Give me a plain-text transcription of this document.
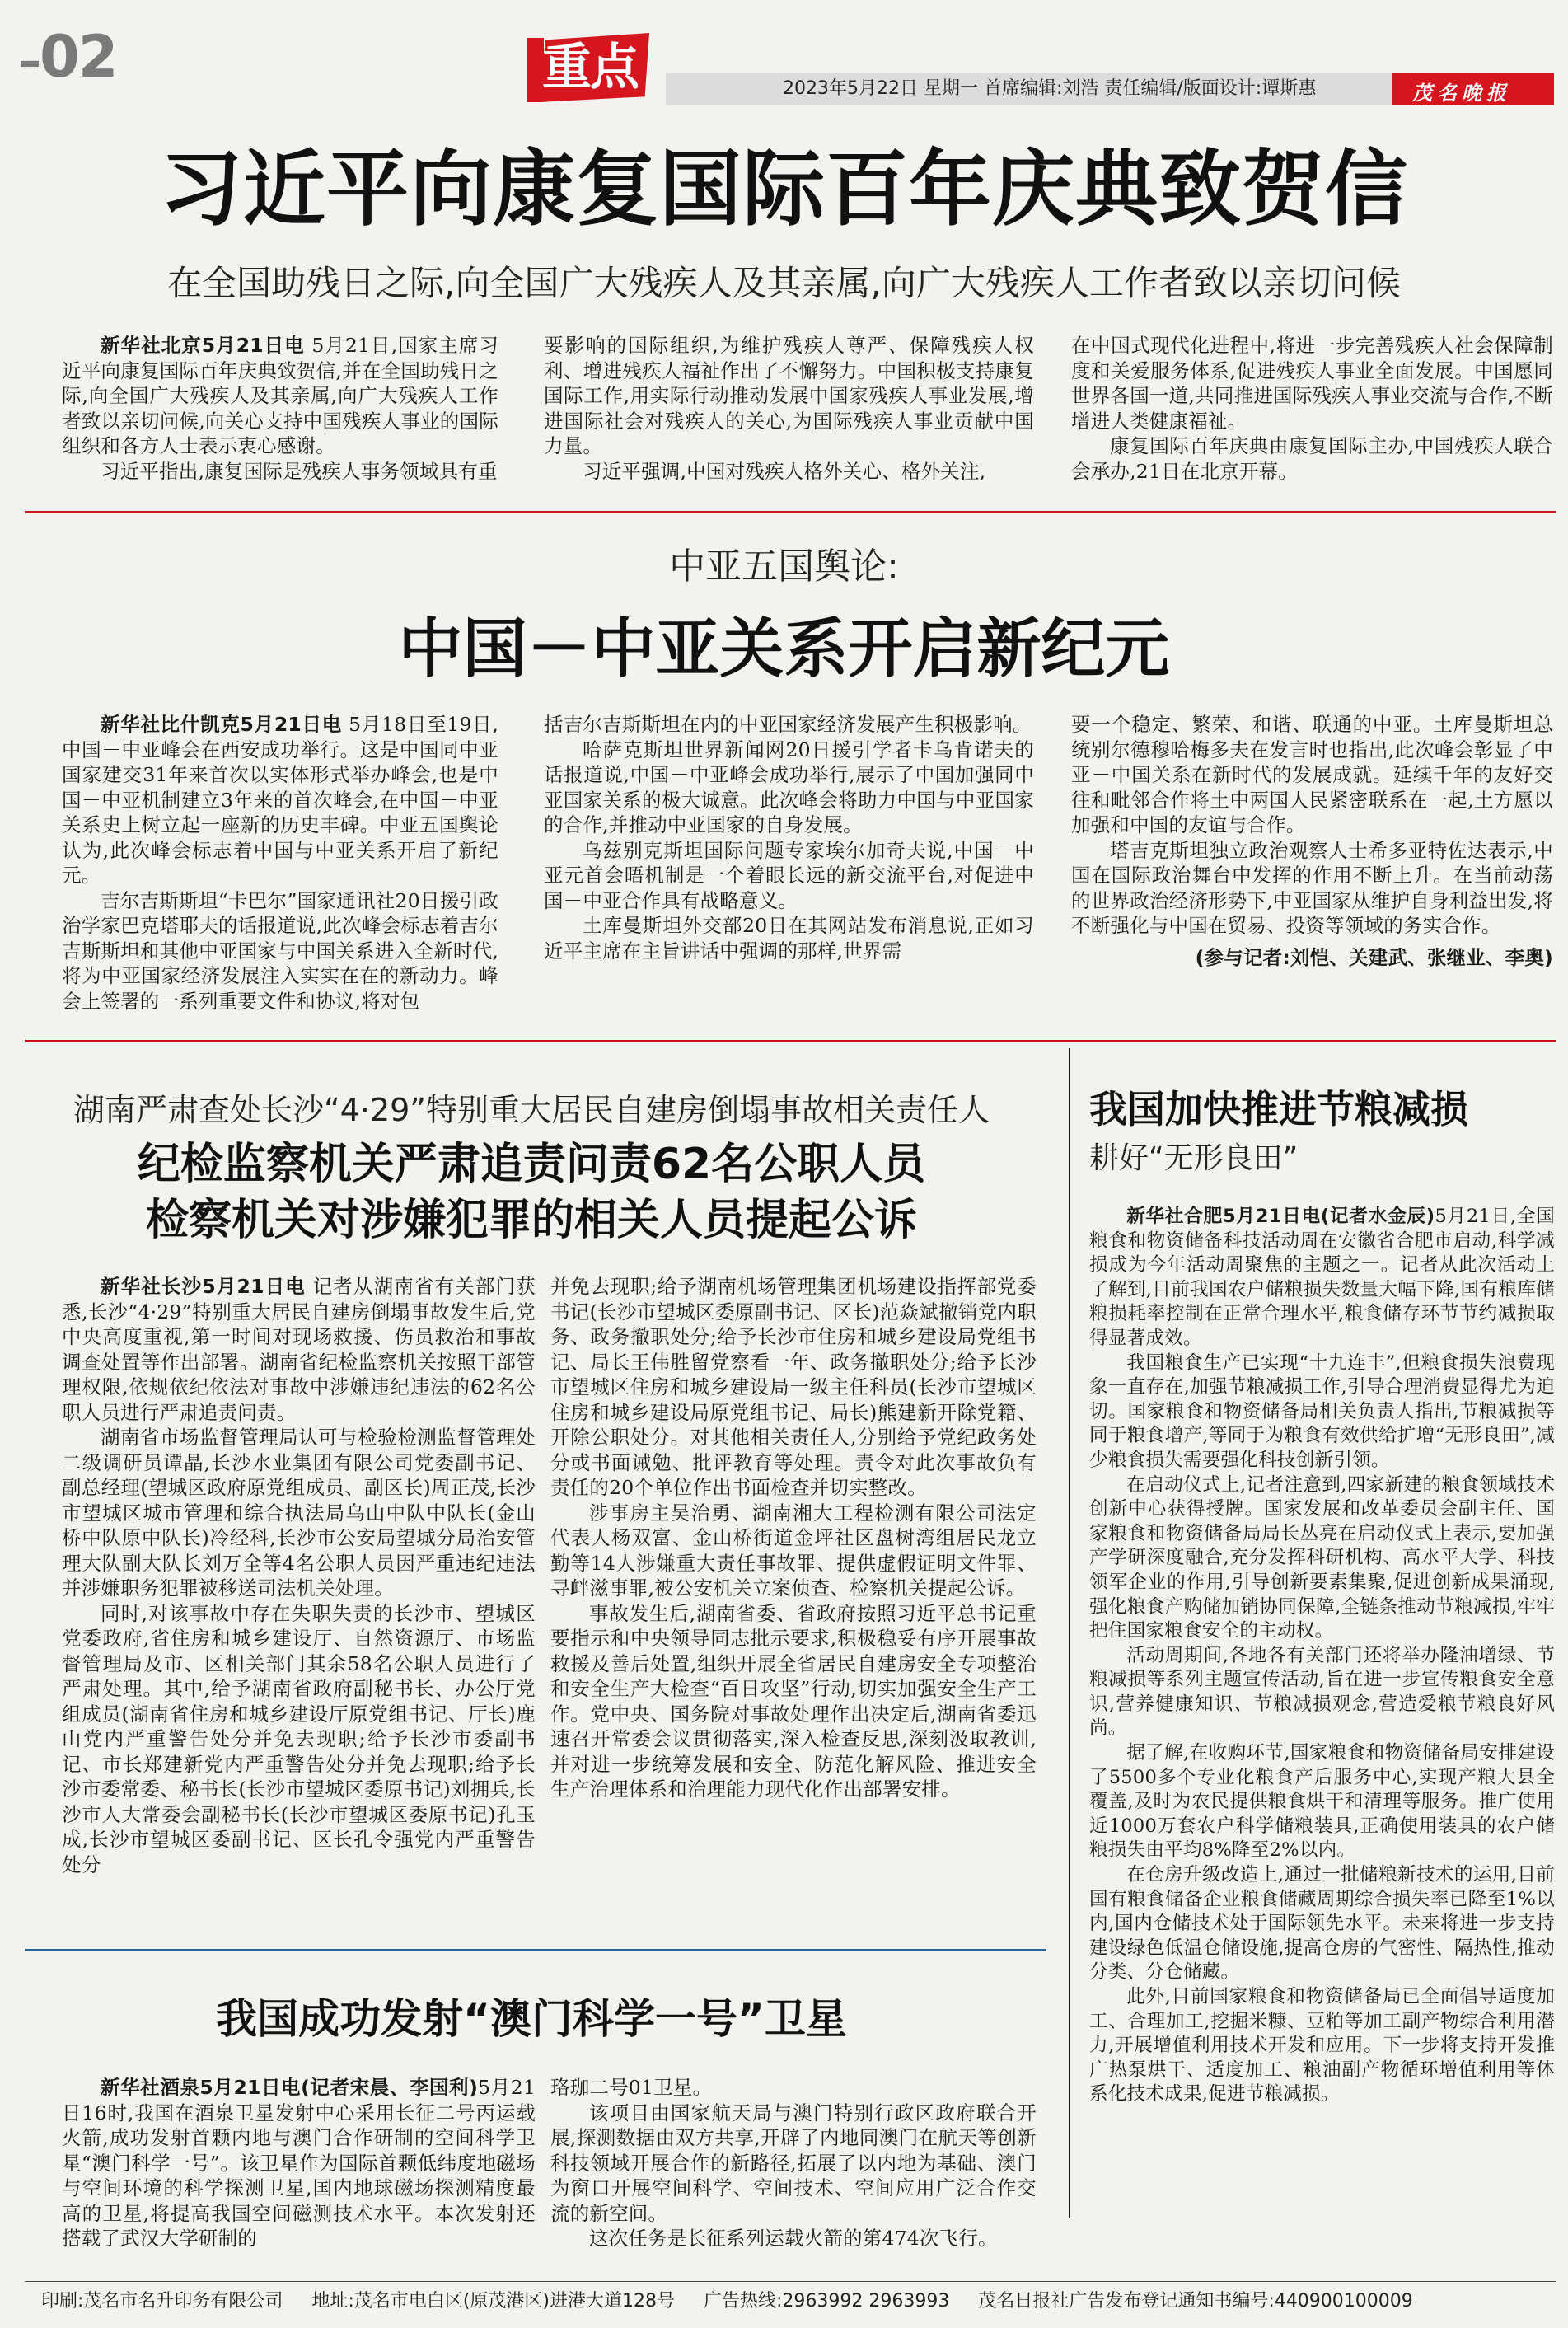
–02	重点	2023年5月22日 星期一 首席编辑:刘浩 责任编辑/版面设计:谭斯惠	茂名晚报
习近平向康复国际百年庆典致贺信
在全国助残日之际,向全国广大残疾人及其亲属,向广大残疾人工作者致以亲切问候

新华社北京5月21日电 5月21日,国家主席习近平向康复国际百年庆典致贺信,并在全国助残日之际,向全国广大残疾人及其亲属,向广大残疾人工作者致以亲切问候,向关心支持中国残疾人事业的国际组织和各方人士表示衷心感谢。

习近平指出,康复国际是残疾人事务领域具有重

要影响的国际组织,为维护残疾人尊严、保障残疾人权利、增进残疾人福祉作出了不懈努力。中国积极支持康复国际工作,用实际行动推动发展中国家残疾人事业发展,增进国际社会对残疾人的关心,为国际残疾人事业贡献中国力量。

习近平强调,中国对残疾人格外关心、格外关注,

在中国式现代化进程中,将进一步完善残疾人社会保障制度和关爱服务体系,促进残疾人事业全面发展。中国愿同世界各国一道,共同推进国际残疾人事业交流与合作,不断增进人类健康福祉。

康复国际百年庆典由康复国际主办,中国残疾人联合会承办,21日在北京开幕。

中亚五国舆论:
中国－中亚关系开启新纪元

新华社比什凯克5月21日电 5月18日至19日,中国－中亚峰会在西安成功举行。这是中国同中亚国家建交31年来首次以实体形式举办峰会,也是中国－中亚机制建立3年来的首次峰会,在中国－中亚关系史上树立起一座新的历史丰碑。中亚五国舆论认为,此次峰会标志着中国与中亚关系开启了新纪元。

吉尔吉斯斯坦“卡巴尔”国家通讯社20日援引政治学家巴克塔耶夫的话报道说,此次峰会标志着吉尔吉斯斯坦和其他中亚国家与中国关系进入全新时代,将为中亚国家经济发展注入实实在在的新动力。峰会上签署的一系列重要文件和协议,将对包

括吉尔吉斯斯坦在内的中亚国家经济发展产生积极影响。

哈萨克斯坦世界新闻网20日援引学者卡乌肯诺夫的话报道说,中国－中亚峰会成功举行,展示了中国加强同中亚国家关系的极大诚意。此次峰会将助力中国与中亚国家的合作,并推动中亚国家的自身发展。

乌兹别克斯坦国际问题专家埃尔加奇夫说,中国－中亚元首会晤机制是一个着眼长远的新交流平台,对促进中国－中亚合作具有战略意义。

土库曼斯坦外交部20日在其网站发布消息说,正如习近平主席在主旨讲话中强调的那样,世界需

要一个稳定、繁荣、和谐、联通的中亚。土库曼斯坦总统别尔德穆哈梅多夫在发言时也指出,此次峰会彰显了中亚－中国关系在新时代的发展成就。延续千年的友好交往和毗邻合作将土中两国人民紧密联系在一起,土方愿以加强和中国的友谊与合作。

塔吉克斯坦独立政治观察人士希多亚特佐达表示,中国在国际政治舞台中发挥的作用不断上升。在当前动荡的世界政治经济形势下,中亚国家从维护自身利益出发,将不断强化与中国在贸易、投资等领域的务实合作。

(参与记者:刘恺、关建武、张继业、李奥)

湖南严肃查处长沙“4·29”特别重大居民自建房倒塌事故相关责任人
纪检监察机关严肃追责问责62名公职人员
检察机关对涉嫌犯罪的相关人员提起公诉

新华社长沙5月21日电 记者从湖南省有关部门获悉,长沙“4·29”特别重大居民自建房倒塌事故发生后,党中央高度重视,第一时间对现场救援、伤员救治和事故调查处置等作出部署。湖南省纪检监察机关按照干部管理权限,依规依纪依法对事故中涉嫌违纪违法的62名公职人员进行严肃追责问责。

湖南省市场监督管理局认可与检验检测监督管理处二级调研员谭晶,长沙水业集团有限公司党委副书记、副总经理(望城区政府原党组成员、副区长)周正茂,长沙市望城区城市管理和综合执法局乌山中队中队长(金山桥中队原中队长)冷经科,长沙市公安局望城分局治安管理大队副大队长刘万全等4名公职人员因严重违纪违法并涉嫌职务犯罪被移送司法机关处理。

同时,对该事故中存在失职失责的长沙市、望城区党委政府,省住房和城乡建设厅、自然资源厅、市场监督管理局及市、区相关部门其余58名公职人员进行了严肃处理。其中,给予湖南省政府副秘书长、办公厅党组成员(湖南省住房和城乡建设厅原党组书记、厅长)鹿山党内严重警告处分并免去现职;给予长沙市委副书记、市长郑建新党内严重警告处分并免去现职;给予长沙市委常委、秘书长(长沙市望城区委原书记)刘拥兵,长沙市人大常委会副秘书长(长沙市望城区委原书记)孔玉成,长沙市望城区委副书记、区长孔令强党内严重警告处分

并免去现职;给予湖南机场管理集团机场建设指挥部党委书记(长沙市望城区委原副书记、区长)范焱斌撤销党内职务、政务撤职处分;给予长沙市住房和城乡建设局党组书记、局长王伟胜留党察看一年、政务撤职处分;给予长沙市望城区住房和城乡建设局一级主任科员(长沙市望城区住房和城乡建设局原党组书记、局长)熊建新开除党籍、开除公职处分。对其他相关责任人,分别给予党纪政务处分或书面诫勉、批评教育等处理。责令对此次事故负有责任的20个单位作出书面检查并切实整改。

涉事房主吴治勇、湖南湘大工程检测有限公司法定代表人杨双富、金山桥街道金坪社区盘树湾组居民龙立勤等14人涉嫌重大责任事故罪、提供虚假证明文件罪、寻衅滋事罪,被公安机关立案侦查、检察机关提起公诉。

事故发生后,湖南省委、省政府按照习近平总书记重要指示和中央领导同志批示要求,积极稳妥有序开展事故救援及善后处置,组织开展全省居民自建房安全专项整治和安全生产大检查“百日攻坚”行动,切实加强安全生产工作。党中央、国务院对事故处理作出决定后,湖南省委迅速召开常委会议贯彻落实,深入检查反思,深刻汲取教训,并对进一步统筹发展和安全、防范化解风险、推进安全生产治理体系和治理能力现代化作出部署安排。

我国成功发射“澳门科学一号”卫星

新华社酒泉5月21日电(记者宋晨、李国利)5月21日16时,我国在酒泉卫星发射中心采用长征二号丙运载火箭,成功发射首颗内地与澳门合作研制的空间科学卫星“澳门科学一号”。该卫星作为国际首颗低纬度地磁场与空间环境的科学探测卫星,国内地球磁场探测精度最高的卫星,将提高我国空间磁测技术水平。本次发射还搭载了武汉大学研制的

珞珈二号01卫星。

该项目由国家航天局与澳门特别行政区政府联合开展,探测数据由双方共享,开辟了内地同澳门在航天等创新科技领域开展合作的新路径,拓展了以内地为基础、澳门为窗口开展空间科学、空间技术、空间应用广泛合作交流的新空间。

这次任务是长征系列运载火箭的第474次飞行。

我国加快推进节粮减损
耕好“无形良田”

新华社合肥5月21日电(记者水金辰)5月21日,全国粮食和物资储备科技活动周在安徽省合肥市启动,科学减损成为今年活动周聚焦的主题之一。记者从此次活动上了解到,目前我国农户储粮损失数量大幅下降,国有粮库储粮损耗率控制在正常合理水平,粮食储存环节节约减损取得显著成效。

我国粮食生产已实现“十九连丰”,但粮食损失浪费现象一直存在,加强节粮减损工作,引导合理消费显得尤为迫切。国家粮食和物资储备局相关负责人指出,节粮减损等同于粮食增产,等同于为粮食有效供给扩增“无形良田”,减少粮食损失需要强化科技创新引领。

在启动仪式上,记者注意到,四家新建的粮食领域技术创新中心获得授牌。国家发展和改革委员会副主任、国家粮食和物资储备局局长丛亮在启动仪式上表示,要加强产学研深度融合,充分发挥科研机构、高水平大学、科技领军企业的作用,引导创新要素集聚,促进创新成果涌现,强化粮食产购储加销协同保障,全链条推动节粮减损,牢牢把住国家粮食安全的主动权。

活动周期间,各地各有关部门还将举办隆油增绿、节粮减损等系列主题宣传活动,旨在进一步宣传粮食安全意识,营养健康知识、节粮减损观念,营造爱粮节粮良好风尚。

据了解,在收购环节,国家粮食和物资储备局安排建设了5500多个专业化粮食产后服务中心,实现产粮大县全覆盖,及时为农民提供粮食烘干和清理等服务。推广使用近1000万套农户科学储粮装具,正确使用装具的农户储粮损失由平均8%降至2%以内。

在仓房升级改造上,通过一批储粮新技术的运用,目前国有粮食储备企业粮食储藏周期综合损失率已降至1%以内,国内仓储技术处于国际领先水平。未来将进一步支持建设绿色低温仓储设施,提高仓房的气密性、隔热性,推动分类、分仓储藏。

此外,目前国家粮食和物资储备局已全面倡导适度加工、合理加工,挖掘米糠、豆粕等加工副产物综合利用潜力,开展增值利用技术开发和应用。下一步将支持开发推广热泵烘干、适度加工、粮油副产物循环增值利用等体系化技术成果,促进节粮减损。

印刷:茂名市名升印务有限公司 地址:茂名市电白区(原茂港区)进港大道128号 广告热线:2963992 2963993 茂名日报社广告发布登记通知书编号:440900100009
